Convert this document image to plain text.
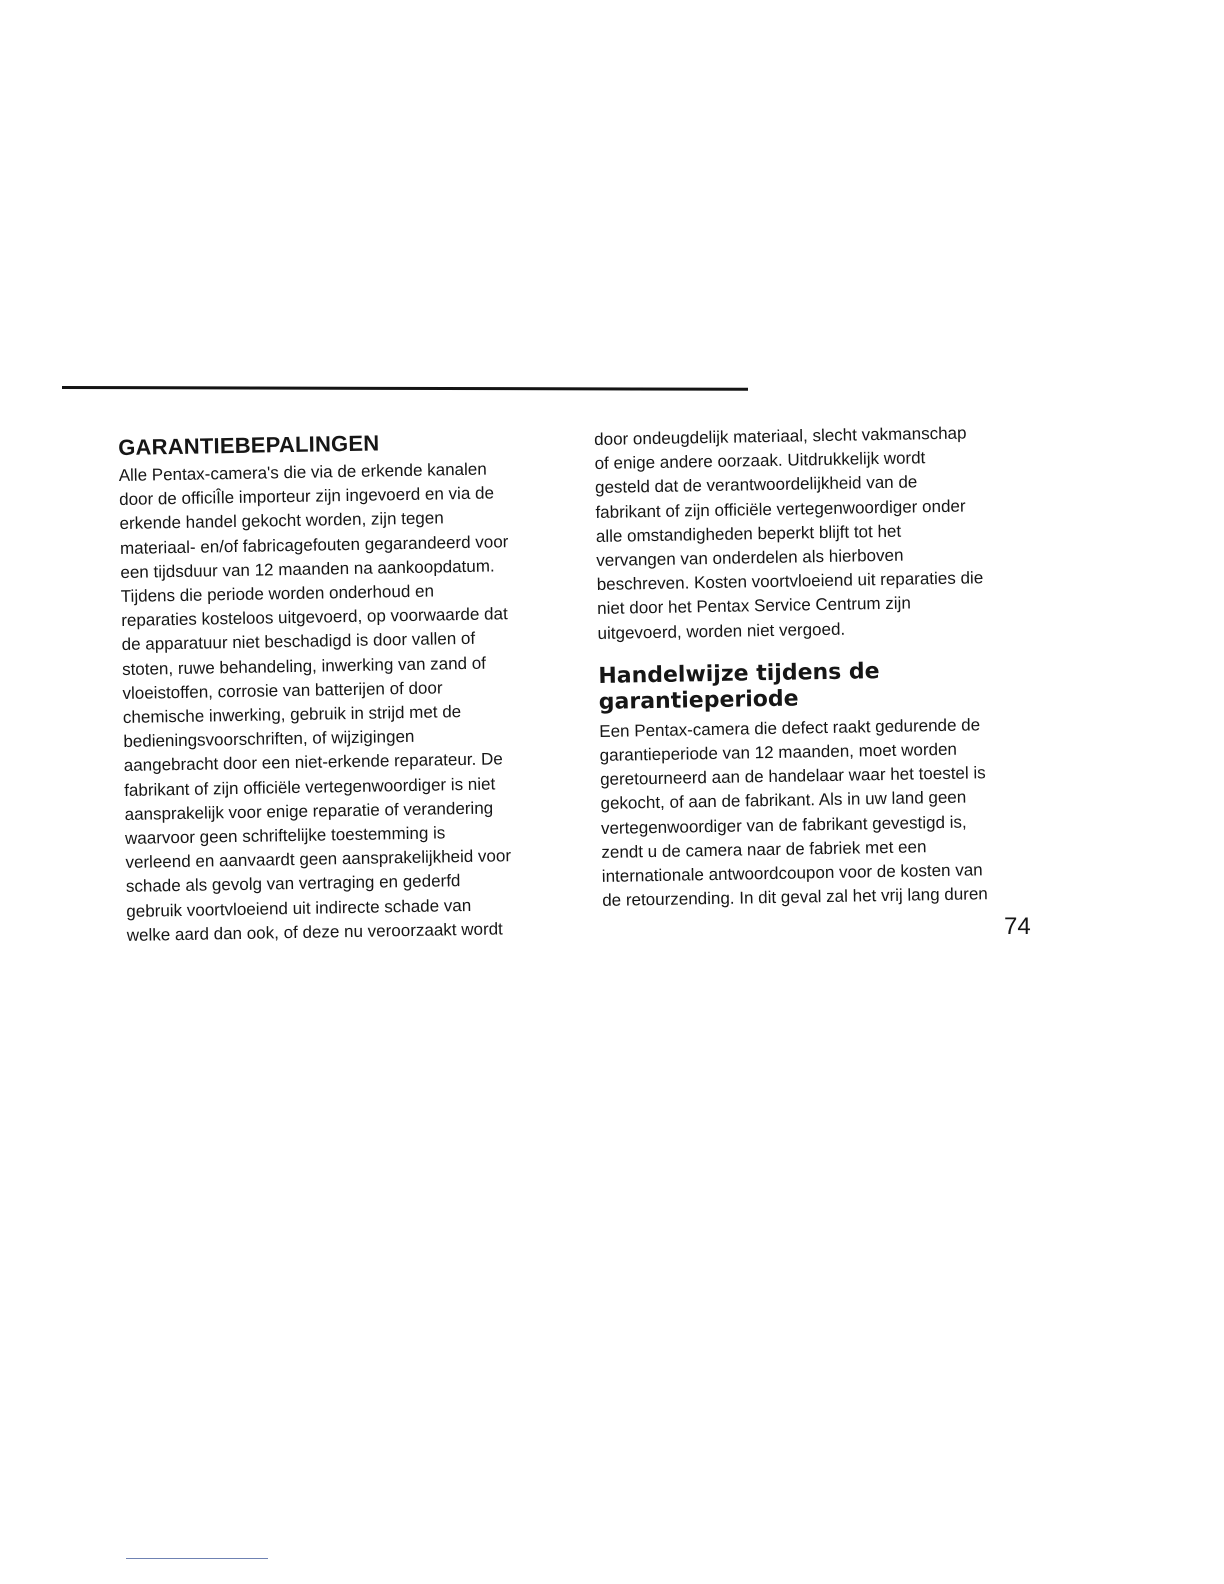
GARANTIEBEPALINGEN

Alle Pentax-camera's die via de erkende kanalen
door de officiÎle importeur zijn ingevoerd en via de
erkende handel gekocht worden, zijn tegen
materiaal- en/of fabricagefouten gegarandeerd voor
een tijdsduur van 12 maanden na aankoopdatum.
Tijdens die periode worden onderhoud en
reparaties kosteloos uitgevoerd, op voorwaarde dat
de apparatuur niet beschadigd is door vallen of
stoten, ruwe behandeling, inwerking van zand of
vloeistoffen, corrosie van batterijen of door
chemische inwerking, gebruik in strijd met de
bedieningsvoorschriften, of wijzigingen
aangebracht door een niet-erkende reparateur. De
fabrikant of zijn officiële vertegenwoordiger is niet
aansprakelijk voor enige reparatie of verandering
waarvoor geen schriftelijke toestemming is
verleend en aanvaardt geen aansprakelijkheid voor
schade als gevolg van vertraging en gederfd
gebruik voortvloeiend uit indirecte schade van
welke aard dan ook, of deze nu veroorzaakt wordt

door ondeugdelijk materiaal, slecht vakmanschap
of enige andere oorzaak. Uitdrukkelijk wordt
gesteld dat de verantwoordelijkheid van de
fabrikant of zijn officiële vertegenwoordiger onder
alle omstandigheden beperkt blijft tot het
vervangen van onderdelen als hierboven
beschreven. Kosten voortvloeiend uit reparaties die
niet door het Pentax Service Centrum zijn
uitgevoerd, worden niet vergoed.

Handelwijze tijdens de
garantieperiode

Een Pentax-camera die defect raakt gedurende de
garantieperiode van 12 maanden, moet worden
geretourneerd aan de handelaar waar het toestel is
gekocht, of aan de fabrikant. Als in uw land geen
vertegenwoordiger van de fabrikant gevestigd is,
zendt u de camera naar de fabriek met een
internationale antwoordcoupon voor de kosten van
de retourzending. In dit geval zal het vrij lang duren

74
